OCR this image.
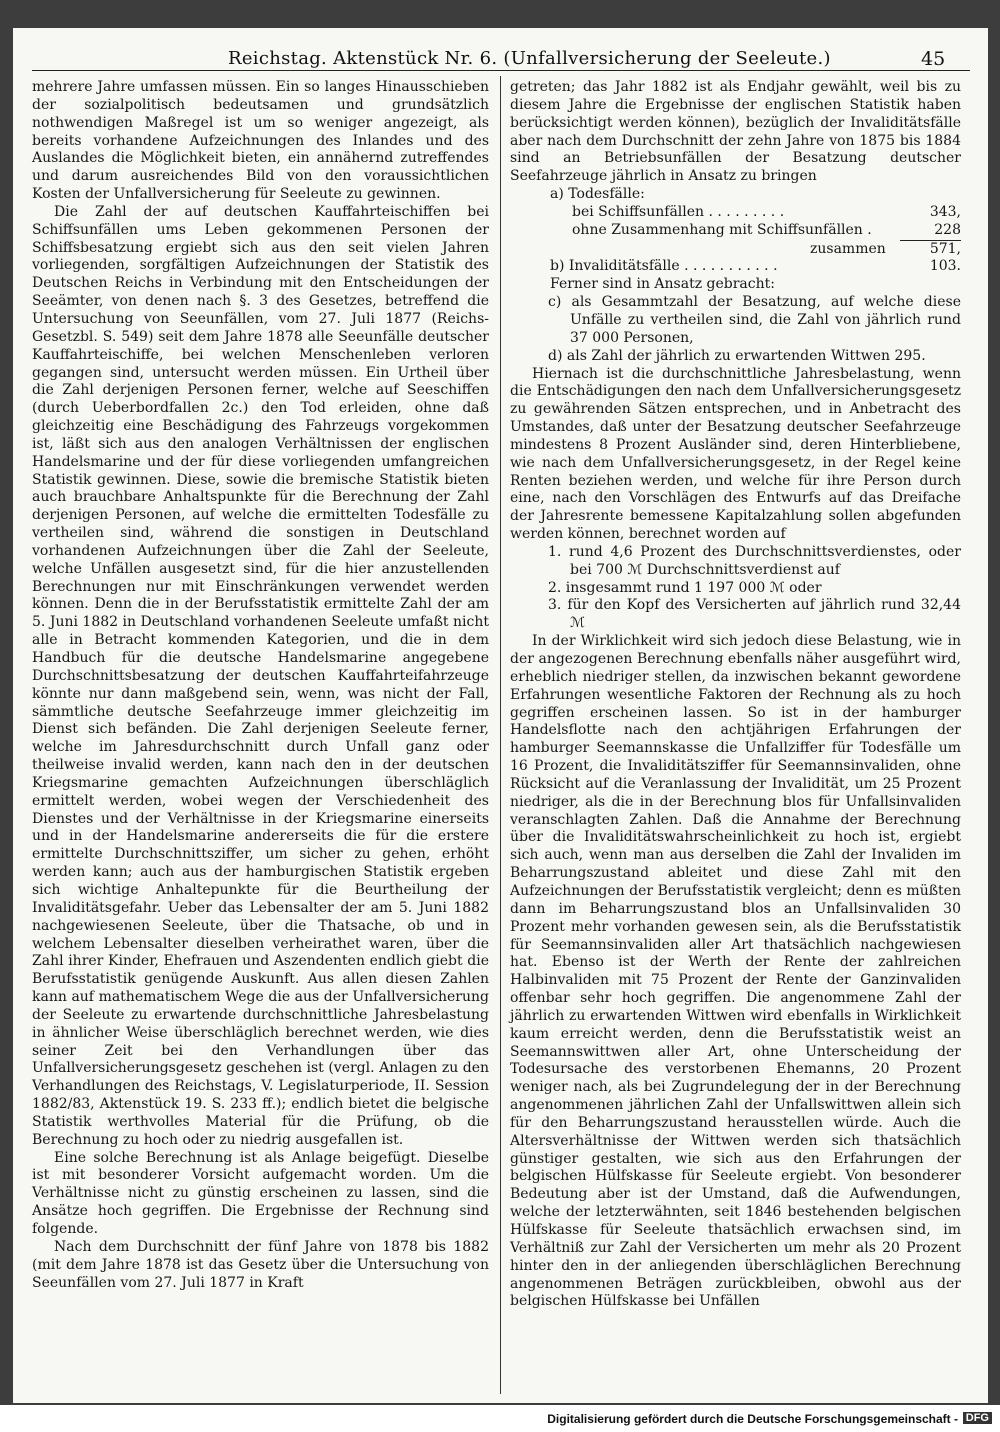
Reichstag. Aktenstück Nr. 6. (Unfallversicherung der Seeleute.)	45

mehrere Jahre umfassen müssen. Ein so langes Hinausschieben der sozialpolitisch bedeutsamen und grundsätzlich nothwendigen Maßregel ist um so weniger angezeigt, als bereits vorhandene Aufzeichnungen des Inlandes und des Auslandes die Möglichkeit bieten, ein annähernd zutreffendes und darum ausreichendes Bild von den voraussichtlichen Kosten der Unfallversicherung für Seeleute zu gewinnen.

Die Zahl der auf deutschen Kauffahrteischiffen bei Schiffsunfällen ums Leben gekommenen Personen der Schiffsbesatzung ergiebt sich aus den seit vielen Jahren vorliegenden, sorgfältigen Aufzeichnungen der Statistik des Deutschen Reichs in Verbindung mit den Entscheidungen der Seeämter, von denen nach §. 3 des Gesetzes, betreffend die Untersuchung von Seeunfällen, vom 27. Juli 1877 (Reichs-Gesetzbl. S. 549) seit dem Jahre 1878 alle Seeunfälle deutscher Kauffahrteischiffe, bei welchen Menschenleben verloren gegangen sind, untersucht werden müssen. Ein Urtheil über die Zahl derjenigen Personen ferner, welche auf Seeschiffen (durch Ueberbordfallen 2c.) den Tod erleiden, ohne daß gleichzeitig eine Beschädigung des Fahrzeugs vorgekommen ist, läßt sich aus den analogen Verhältnissen der englischen Handelsmarine und der für diese vorliegenden umfangreichen Statistik gewinnen. Diese, sowie die bremische Statistik bieten auch brauchbare Anhaltspunkte für die Berechnung der Zahl derjenigen Personen, auf welche die ermittelten Todesfälle zu vertheilen sind, während die sonstigen in Deutschland vorhandenen Aufzeichnungen über die Zahl der Seeleute, welche Unfällen ausgesetzt sind, für die hier anzustellenden Berechnungen nur mit Einschränkungen verwendet werden können. Denn die in der Berufsstatistik ermittelte Zahl der am 5. Juni 1882 in Deutschland vorhandenen Seeleute umfaßt nicht alle in Betracht kommenden Kategorien, und die in dem Handbuch für die deutsche Handelsmarine angegebene Durchschnittsbesatzung der deutschen Kauffahrteifahrzeuge könnte nur dann maßgebend sein, wenn, was nicht der Fall, sämmtliche deutsche Seefahrzeuge immer gleichzeitig im Dienst sich befänden. Die Zahl derjenigen Seeleute ferner, welche im Jahresdurchschnitt durch Unfall ganz oder theilweise invalid werden, kann nach den in der deutschen Kriegsmarine gemachten Aufzeichnungen überschläglich ermittelt werden, wobei wegen der Verschiedenheit des Dienstes und der Verhältnisse in der Kriegsmarine einerseits und in der Handelsmarine andererseits die für die erstere ermittelte Durchschnittsziffer, um sicher zu gehen, erhöht werden kann; auch aus der hamburgischen Statistik ergeben sich wichtige Anhaltepunkte für die Beurtheilung der Invaliditätsgefahr. Ueber das Lebensalter der am 5. Juni 1882 nachgewiesenen Seeleute, über die Thatsache, ob und in welchem Lebensalter dieselben verheirathet waren, über die Zahl ihrer Kinder, Ehefrauen und Aszendenten endlich giebt die Berufsstatistik genügende Auskunft. Aus allen diesen Zahlen kann auf mathematischem Wege die aus der Unfallversicherung der Seeleute zu erwartende durchschnittliche Jahresbelastung in ähnlicher Weise überschläglich berechnet werden, wie dies seiner Zeit bei den Verhandlungen über das Unfallversicherungsgesetz geschehen ist (vergl. Anlagen zu den Verhandlungen des Reichstags, V. Legislaturperiode, II. Session 1882/83, Aktenstück 19. S. 233 ff.); endlich bietet die belgische Statistik werthvolles Material für die Prüfung, ob die Berechnung zu hoch oder zu niedrig ausgefallen ist.

Eine solche Berechnung ist als Anlage beigefügt. Dieselbe ist mit besonderer Vorsicht aufgemacht worden. Um die Verhältnisse nicht zu günstig erscheinen zu lassen, sind die Ansätze hoch gegriffen. Die Ergebnisse der Rechnung sind folgende.

Nach dem Durchschnitt der fünf Jahre von 1878 bis 1882 (mit dem Jahre 1878 ist das Gesetz über die Untersuchung von Seeunfällen vom 27. Juli 1877 in Kraft

getreten; das Jahr 1882 ist als Endjahr gewählt, weil bis zu diesem Jahre die Ergebnisse der englischen Statistik haben berücksichtigt werden können), bezüglich der Invaliditätsfälle aber nach dem Durchschnitt der zehn Jahre von 1875 bis 1884 sind an Betriebsunfällen der Besatzung deutscher Seefahrzeuge jährlich in Ansatz zu bringen

a) Todesfälle:
bei Schiffsunfällen . . . . . . . . .	343,
ohne Zusammenhang mit Schiffsunfällen .	228
zusammen	571,
b) Invaliditätsfälle . . . . . . . . . . .	103.
Ferner sind in Ansatz gebracht:
c) als Gesammtzahl der Besatzung, auf welche diese Unfälle zu vertheilen sind, die Zahl von jährlich rund 37 000 Personen,
d) als Zahl der jährlich zu erwartenden Wittwen 295.

Hiernach ist die durchschnittliche Jahresbelastung, wenn die Entschädigungen den nach dem Unfallversicherungsgesetz zu gewährenden Sätzen entsprechen, und in Anbetracht des Umstandes, daß unter der Besatzung deutscher Seefahrzeuge mindestens 8 Prozent Ausländer sind, deren Hinterbliebene, wie nach dem Unfallversicherungsgesetz, in der Regel keine Renten beziehen werden, und welche für ihre Person durch eine, nach den Vorschlägen des Entwurfs auf das Dreifache der Jahresrente bemessene Kapitalzahlung sollen abgefunden werden können, berechnet worden auf

1. rund 4,6 Prozent des Durchschnittsverdienstes, oder bei 700 ℳ Durchschnittsverdienst auf
2. insgesammt rund 1 197 000 ℳ oder
3. für den Kopf des Versicherten auf jährlich rund 32,44 ℳ

In der Wirklichkeit wird sich jedoch diese Belastung, wie in der angezogenen Berechnung ebenfalls näher ausgeführt wird, erheblich niedriger stellen, da inzwischen bekannt gewordene Erfahrungen wesentliche Faktoren der Rechnung als zu hoch gegriffen erscheinen lassen. So ist in der hamburger Handelsflotte nach den achtjährigen Erfahrungen der hamburger Seemannskasse die Unfallziffer für Todesfälle um 16 Prozent, die Invaliditätsziffer für Seemannsinvaliden, ohne Rücksicht auf die Veranlassung der Invalidität, um 25 Prozent niedriger, als die in der Berechnung blos für Unfallsinvaliden veranschlagten Zahlen. Daß die Annahme der Berechnung über die Invaliditätswahrscheinlichkeit zu hoch ist, ergiebt sich auch, wenn man aus derselben die Zahl der Invaliden im Beharrungszustand ableitet und diese Zahl mit den Aufzeichnungen der Berufsstatistik vergleicht; denn es müßten dann im Beharrungszustand blos an Unfallsinvaliden 30 Prozent mehr vorhanden gewesen sein, als die Berufsstatistik für Seemannsinvaliden aller Art thatsächlich nachgewiesen hat. Ebenso ist der Werth der Rente der zahlreichen Halbinvaliden mit 75 Prozent der Rente der Ganzinvaliden offenbar sehr hoch gegriffen. Die angenommene Zahl der jährlich zu erwartenden Wittwen wird ebenfalls in Wirklichkeit kaum erreicht werden, denn die Berufsstatistik weist an Seemannswittwen aller Art, ohne Unterscheidung der Todesursache des verstorbenen Ehemanns, 20 Prozent weniger nach, als bei Zugrundelegung der in der Berechnung angenommenen jährlichen Zahl der Unfallswittwen allein sich für den Beharrungszustand herausstellen würde. Auch die Altersverhältnisse der Wittwen werden sich thatsächlich günstiger gestalten, wie sich aus den Erfahrungen der belgischen Hülfskasse für Seeleute ergiebt. Von besonderer Bedeutung aber ist der Umstand, daß die Aufwendungen, welche der letzterwähnten, seit 1846 bestehenden belgischen Hülfskasse für Seeleute thatsächlich erwachsen sind, im Verhältniß zur Zahl der Versicherten um mehr als 20 Prozent hinter den in der anliegenden überschläglichen Berechnung angenommenen Beträgen zurückbleiben, obwohl aus der belgischen Hülfskasse bei Unfällen

Digitalisierung gefördert durch die Deutsche Forschungsgemeinschaft - DFG
